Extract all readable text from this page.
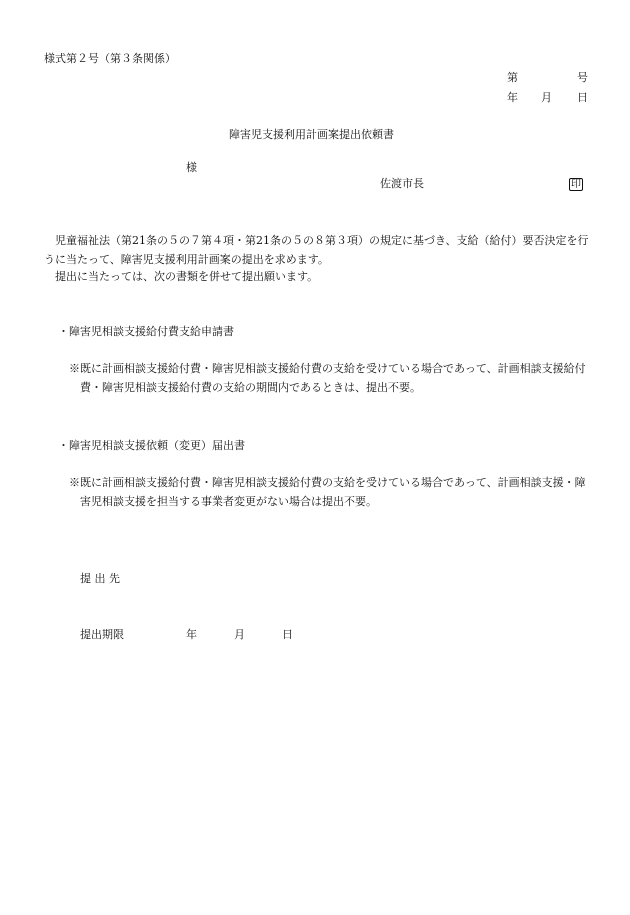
様式第２号（第３条関係）
第	号
年 月 日
障害児支援利用計画案提出依頼書
様
佐渡市長	印
児童福祉法（第21条の５の７第４項・第21条の５の８第３項）の規定に基づき、支給（給付）要否決定を行うに当たって、障害児支援利用計画案の提出を求めます。
提出に当たっては、次の書類を併せて提出願います。
・障害児相談支援給付費支給申請書
※既に計画相談支援給付費・障害児相談支援給付費の支給を受けている場合であって、計画相談支援給付費・障害児相談支援給付費の支給の期間内であるときは、提出不要。
・障害児相談支援依頼（変更）届出書
※既に計画相談支援給付費・障害児相談支援給付費の支給を受けている場合であって、計画相談支援・障害児相談支援を担当する事業者変更がない場合は提出不要。
提 出 先
提出期限	年	月	日
